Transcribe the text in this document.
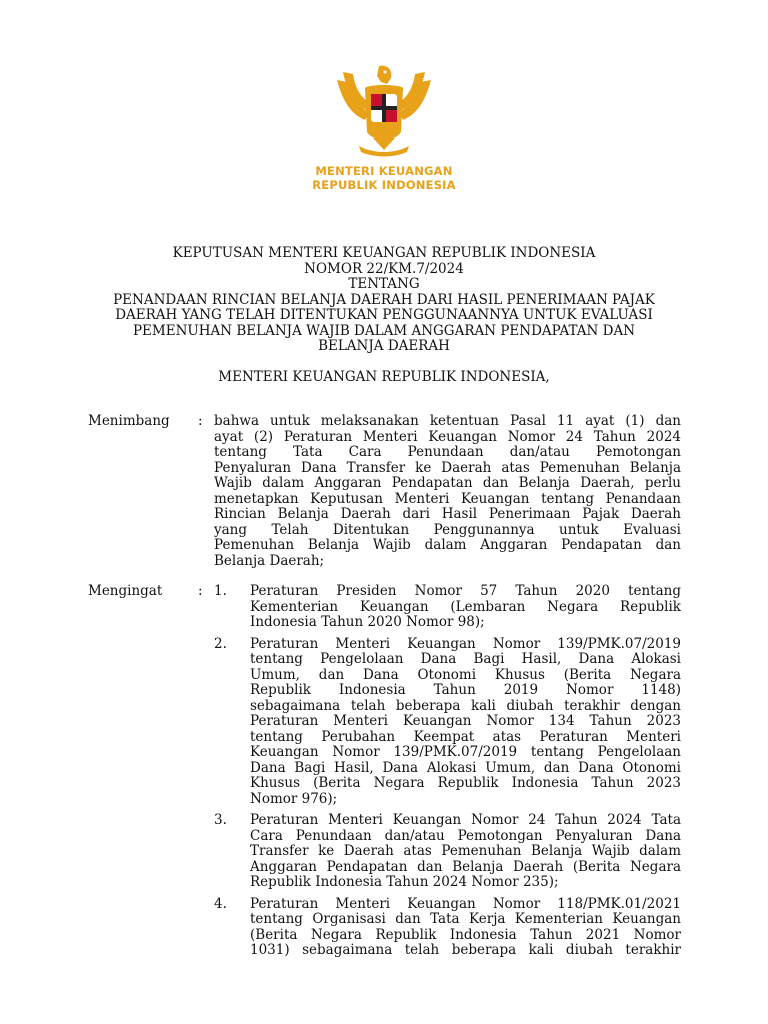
MENTERI KEUANGAN
REPUBLIK INDONESIA
KEPUTUSAN MENTERI KEUANGAN REPUBLIK INDONESIA
NOMOR 22/KM.7/2024
TENTANG
PENANDAAN RINCIAN BELANJA DAERAH DARI HASIL PENERIMAAN PAJAK
DAERAH YANG TELAH DITENTUKAN PENGGUNAANNYA UNTUK EVALUASI
PEMENUHAN BELANJA WAJIB DALAM ANGGARAN PENDAPATAN DAN
BELANJA DAERAH
MENTERI KEUANGAN REPUBLIK INDONESIA,
Menimbang : bahwa untuk melaksanakan ketentuan Pasal 11 ayat (1) dan
ayat (2) Peraturan Menteri Keuangan Nomor 24 Tahun 2024
tentang Tata Cara Penundaan dan/atau Pemotongan
Penyaluran Dana Transfer ke Daerah atas Pemenuhan Belanja
Wajib dalam Anggaran Pendapatan dan Belanja Daerah, perlu
menetapkan Keputusan Menteri Keuangan tentang Penandaan
Rincian Belanja Daerah dari Hasil Penerimaan Pajak Daerah
yang Telah Ditentukan Penggunannya untuk Evaluasi
Pemenuhan Belanja Wajib dalam Anggaran Pendapatan dan
Belanja Daerah;
Mengingat	: 1. Peraturan Presiden Nomor 57 Tahun 2020 tentang
Kementerian Keuangan (Lembaran Negara Republik
Indonesia Tahun 2020 Nomor 98);
2. Peraturan Menteri Keuangan Nomor 139/PMK.07/2019
tentang Pengelolaan Dana Bagi Hasil, Dana Alokasi
Umum, dan Dana Otonomi Khusus (Berita Negara
Republik Indonesia Tahun 2019 Nomor 1148)
sebagaimana telah beberapa kali diubah terakhir dengan
Peraturan Menteri Keuangan Nomor 134 Tahun 2023
tentang Perubahan Keempat atas Peraturan Menteri
Keuangan Nomor 139/PMK.07/2019 tentang Pengelolaan
Dana Bagi Hasil, Dana Alokasi Umum, dan Dana Otonomi
Khusus (Berita Negara Republik Indonesia Tahun 2023
Nomor 976);
3. Peraturan Menteri Keuangan Nomor 24 Tahun 2024 Tata
Cara Penundaan dan/atau Pemotongan Penyaluran Dana
Transfer ke Daerah atas Pemenuhan Belanja Wajib dalam
Anggaran Pendapatan dan Belanja Daerah (Berita Negara
Republik Indonesia Tahun 2024 Nomor 235);
4. Peraturan Menteri Keuangan Nomor 118/PMK.01/2021
tentang Organisasi dan Tata Kerja Kementerian Keuangan
(Berita Negara Republik Indonesia Tahun 2021 Nomor
1031) sebagaimana telah beberapa kali diubah terakhir
